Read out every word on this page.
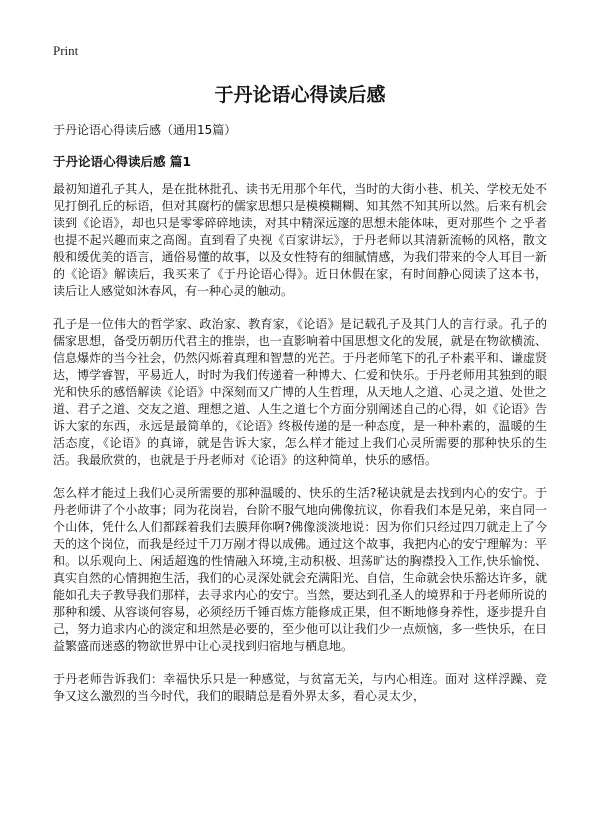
Print
于丹论语心得读后感

于丹论语心得读后感（通用15篇）

于丹论语心得读后感 篇1

最初知道孔子其人，是在批林批孔、读书无用那个年代，当时的大街小巷、机关、学校无处不见打倒孔丘的标语，但对其腐朽的儒家思想只是模模糊糊、知其然不知其所以然。后来有机会读到《论语》，却也只是零零碎碎地读，对其中精深远邃的思想未能体味，更对那些个 之乎者也提不起兴趣而束之高阁。直到看了央视《百家讲坛》，于丹老师以其清新流畅的风格，散文般和缓优美的语言，通俗易懂的故事，以及女性特有的细腻情感，为我们带来的令人耳目一新的《论语》解读后，我买来了《于丹论语心得》。近日休假在家，有时间静心阅读了这本书，读后让人感觉如沐春风，有一种心灵的触动。

孔子是一位伟大的哲学家、政治家、教育家，《论语》是记载孔子及其门人的言行录。孔子的儒家思想，备受历朝历代君主的推崇，也一直影响着中国思想文化的发展，就是在物欲横流、信息爆炸的当今社会，仍然闪烁着真理和智慧的光芒。于丹老师笔下的孔子朴素平和、谦虚贤达，博学睿智，平易近人，时时为我们传递着一种博大、仁爱和快乐。于丹老师用其独到的眼光和快乐的感悟解读《论语》中深刻而又广博的人生哲理，从天地人之道、心灵之道、处世之道、君子之道、交友之道、理想之道、人生之道七个方面分别阐述自己的心得，如《论语》告诉大家的东西，永远是最简单的，《论语》终极传递的是一种态度，是一种朴素的，温暖的生活态度，《论语》的真谛，就是告诉大家，怎么样才能过上我们心灵所需要的那种快乐的生活。我最欣赏的，也就是于丹老师对《论语》的这种简单，快乐的感悟。

怎么样才能过上我们心灵所需要的那种温暖的、快乐的生活?秘诀就是去找到内心的安宁。于丹老师讲了个小故事；同为花岗岩，台阶不服气地向佛像抗议，你看我们本是兄弟，来自同一个山体，凭什么人们都踩着我们去膜拜你啊?佛像淡淡地说：因为你们只经过四刀就走上了今天的这个岗位，而我是经过千刀万剐才得以成佛。通过这个故事，我把内心的安宁理解为：平和。以乐观向上、闲适超逸的性情融入环境,主动积极、坦荡旷达的胸襟投入工作,快乐愉悦、真实自然的心情拥抱生活，我们的心灵深处就会充满阳光、自信，生命就会快乐豁达许多，就能如孔夫子教导我们那样，去寻求内心的安宁。当然，要达到孔圣人的境界和于丹老师所说的那种和缓、从容谈何容易，必须经历千锤百炼方能修成正果，但不断地修身养性，逐步提升自己，努力追求内心的淡定和坦然是必要的，至少他可以让我们少一点烦恼，多一些快乐，在日益繁盛而迷惑的物欲世界中让心灵找到归宿地与栖息地。

于丹老师告诉我们：幸福快乐只是一种感觉，与贫富无关，与内心相连。面对 这样浮躁、竞争又这么激烈的当今时代，我们的眼睛总是看外界太多，看心灵太少，
